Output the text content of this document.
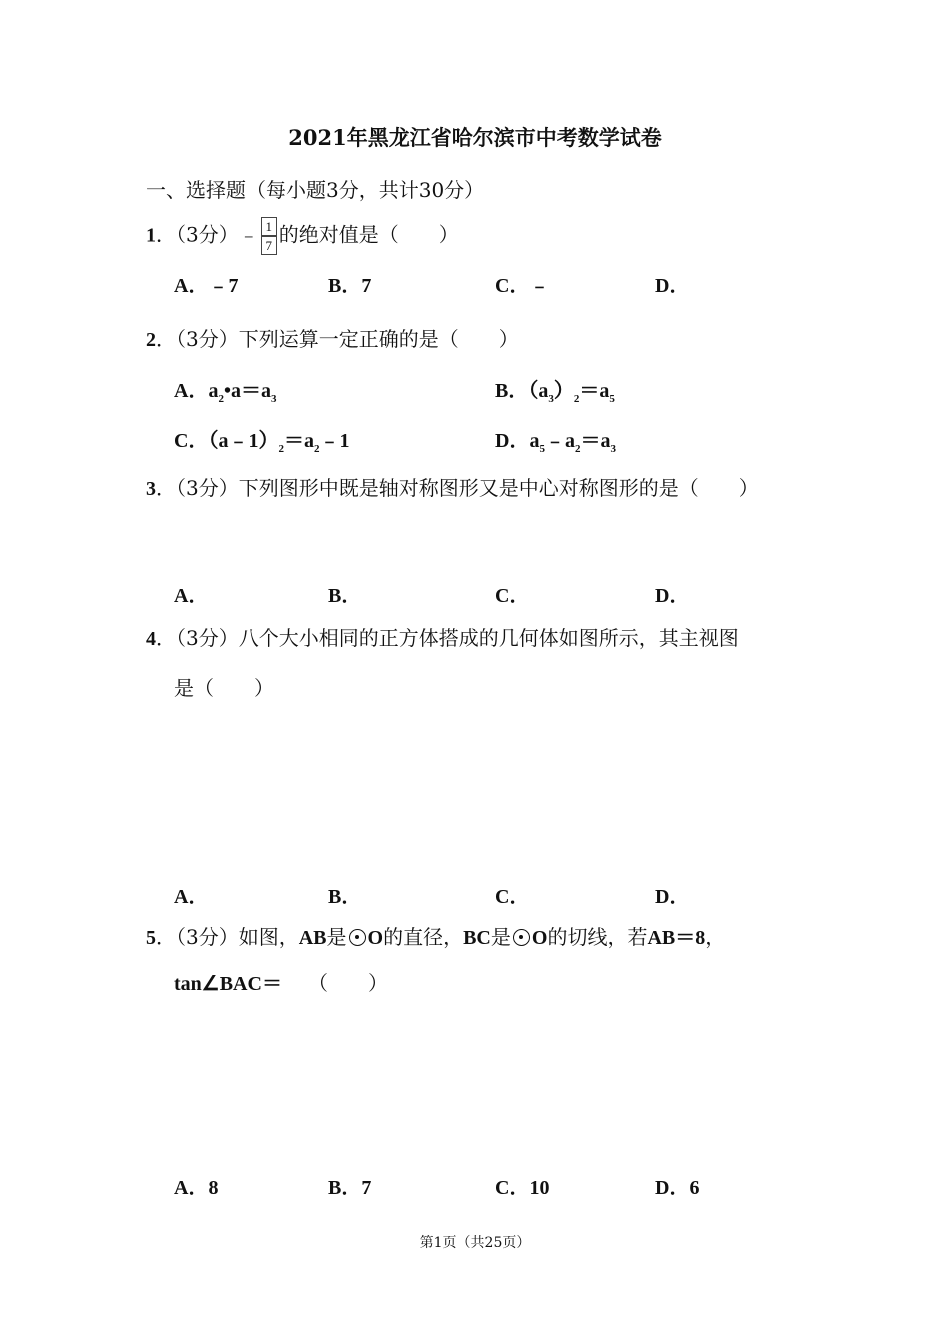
2021年黑龙江省哈尔滨市中考数学试卷
一、选择题（每小题3分，共计30分）
1．（3分）﹣ $\frac{1}{7}$ 的绝对值是（　　）
A．﹣7	B．7	C．﹣	D．
2．（3分）下列运算一定正确的是（　　）
A．$a_2•a=a_3$	B．$(a_3)_2=a_5$
C．$(a﹣1)_2=a_2﹣1$	D．$a_5﹣a_2=a_3$
3．（3分）下列图形中既是轴对称图形又是中心对称图形的是（　　）
A．	B．	C．	D．
4．（3分）八个大小相同的正方体搭成的几何体如图所示，其主视图
是（　　）
A．	B．	C．	D．
5．（3分）如图，AB是 O的直径，BC是 O的切线，若AB＝8，
tan∠BAC＝ （　　）
A．8	B．7	C．10	D．6
第1页（共25页）
